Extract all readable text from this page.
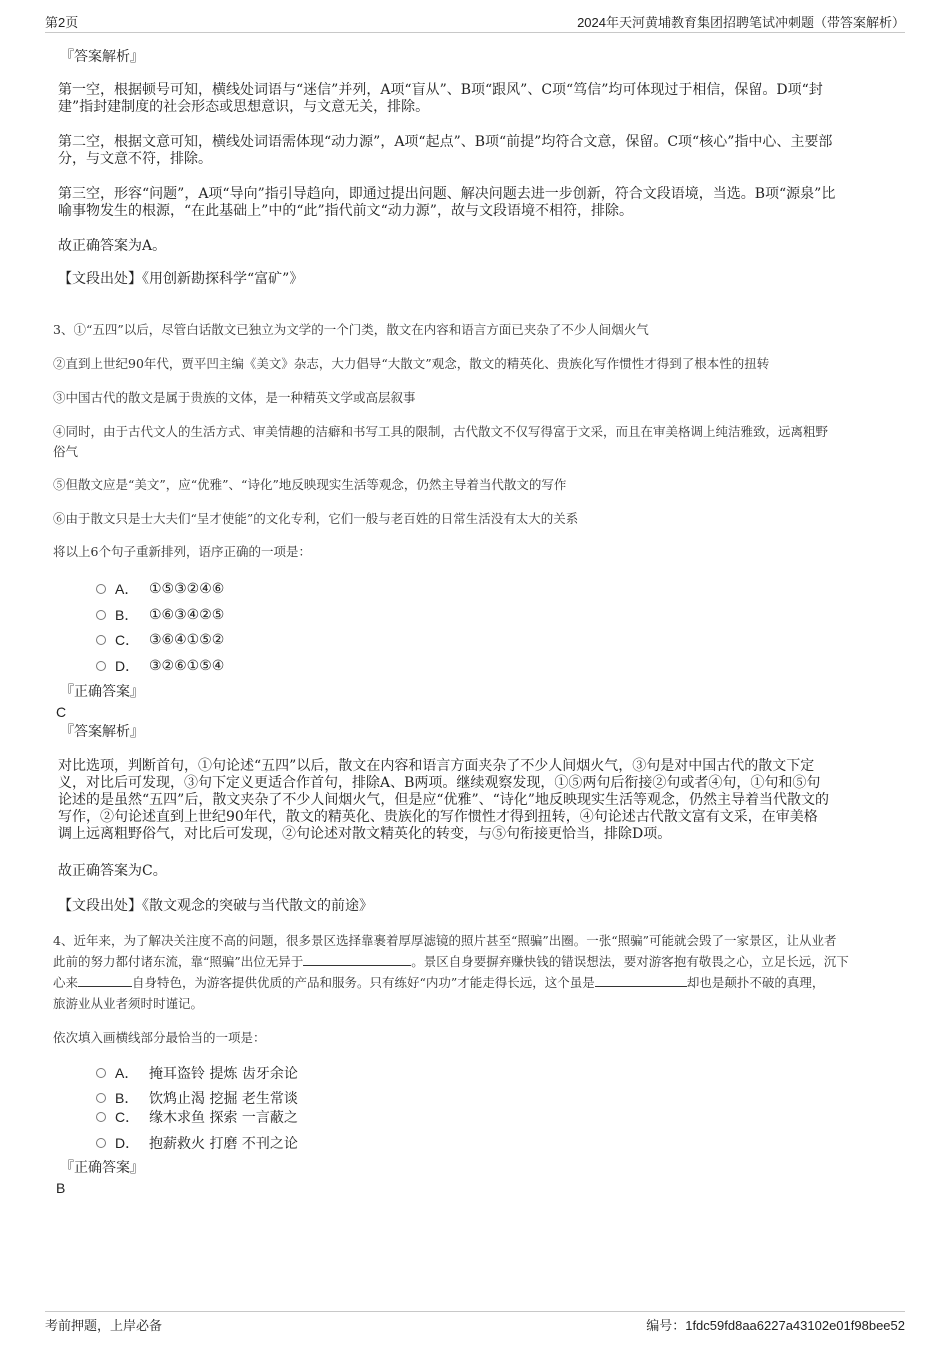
第2页	2024年天河黄埔教育集团招聘笔试冲刺题（带答案解析）
『答案解析』
第一空，根据顿号可知，横线处词语与“迷信”并列，A项“盲从”、B项“跟风”、C项“笃信”均可体现过于相信，保留。D项“封
建”指封建制度的社会形态或思想意识，与文意无关，排除。
第二空，根据文意可知，横线处词语需体现“动力源”，A项“起点”、B项“前提”均符合文意，保留。C项“核心”指中心、主要部
分，与文意不符，排除。
第三空，形容“问题”，A项“导向”指引导趋向，即通过提出问题、解决问题去进一步创新，符合文段语境，当选。B项“源泉”比
喻事物发生的根源，“在此基础上”中的“此”指代前文“动力源”，故与文段语境不相符，排除。
故正确答案为A。
【文段出处】《用创新勘探科学“富矿”》
3、①“五四”以后，尽管白话散文已独立为文学的一个门类，散文在内容和语言方面已夹杂了不少人间烟火气
②直到上世纪90年代，贾平凹主编《美文》杂志，大力倡导“大散文”观念，散文的精英化、贵族化写作惯性才得到了根本性的扭转
③中国古代的散文是属于贵族的文体，是一种精英文学或高层叙事
④同时，由于古代文人的生活方式、审美情趣的洁癖和书写工具的限制，古代散文不仅写得富于文采，而且在审美格调上纯洁雅致，远离粗野
俗气
⑤但散文应是“美文”，应“优雅”、“诗化”地反映现实生活等观念，仍然主导着当代散文的写作
⑥由于散文只是士大夫们“呈才使能”的文化专利，它们一般与老百姓的日常生活没有太大的关系
将以上6个句子重新排列，语序正确的一项是：
A． ①⑤③②④⑥
B． ①⑥③④②⑤
C． ③⑥④①⑤②
D． ③②⑥①⑤④
『正确答案』
C
『答案解析』
对比选项，判断首句，①句论述“五四”以后，散文在内容和语言方面夹杂了不少人间烟火气，③句是对中国古代的散文下定
义，对比后可发现，③句下定义更适合作首句，排除A、B两项。继续观察发现，①⑤两句后衔接②句或者④句，①句和⑤句
论述的是虽然“五四”后，散文夹杂了不少人间烟火气，但是应“优雅”、“诗化”地反映现实生活等观念，仍然主导着当代散文的
写作，②句论述直到上世纪90年代，散文的精英化、贵族化的写作惯性才得到扭转，④句论述古代散文富有文采，在审美格
调上远离粗野俗气，对比后可发现，②句论述对散文精英化的转变，与⑤句衔接更恰当，排除D项。
故正确答案为C。
【文段出处】《散文观念的突破与当代散文的前途》
4、近年来，为了解决关注度不高的问题，很多景区选择靠裹着厚厚滤镜的照片甚至“照骗”出圈。一张“照骗”可能就会毁了一家景区，让从业者
此前的努力都付诸东流，靠“照骗”出位无异于	。景区自身要摒弃赚快钱的错误想法，要对游客抱有敬畏之心，立足长远，沉下
心来	自身特色，为游客提供优质的产品和服务。只有练好“内功”才能走得长远，这个虽是	却也是颠扑不破的真理，
旅游业从业者须时时谨记。
依次填入画横线部分最恰当的一项是：
A． 掩耳盗铃 提炼 齿牙余论
B． 饮鸩止渴 挖掘 老生常谈
C． 缘木求鱼 探索 一言蔽之
D． 抱薪救火 打磨 不刊之论
『正确答案』
B
考前押题，上岸必备	编号：1fdc59fd8aa6227a43102e01f98bee52
